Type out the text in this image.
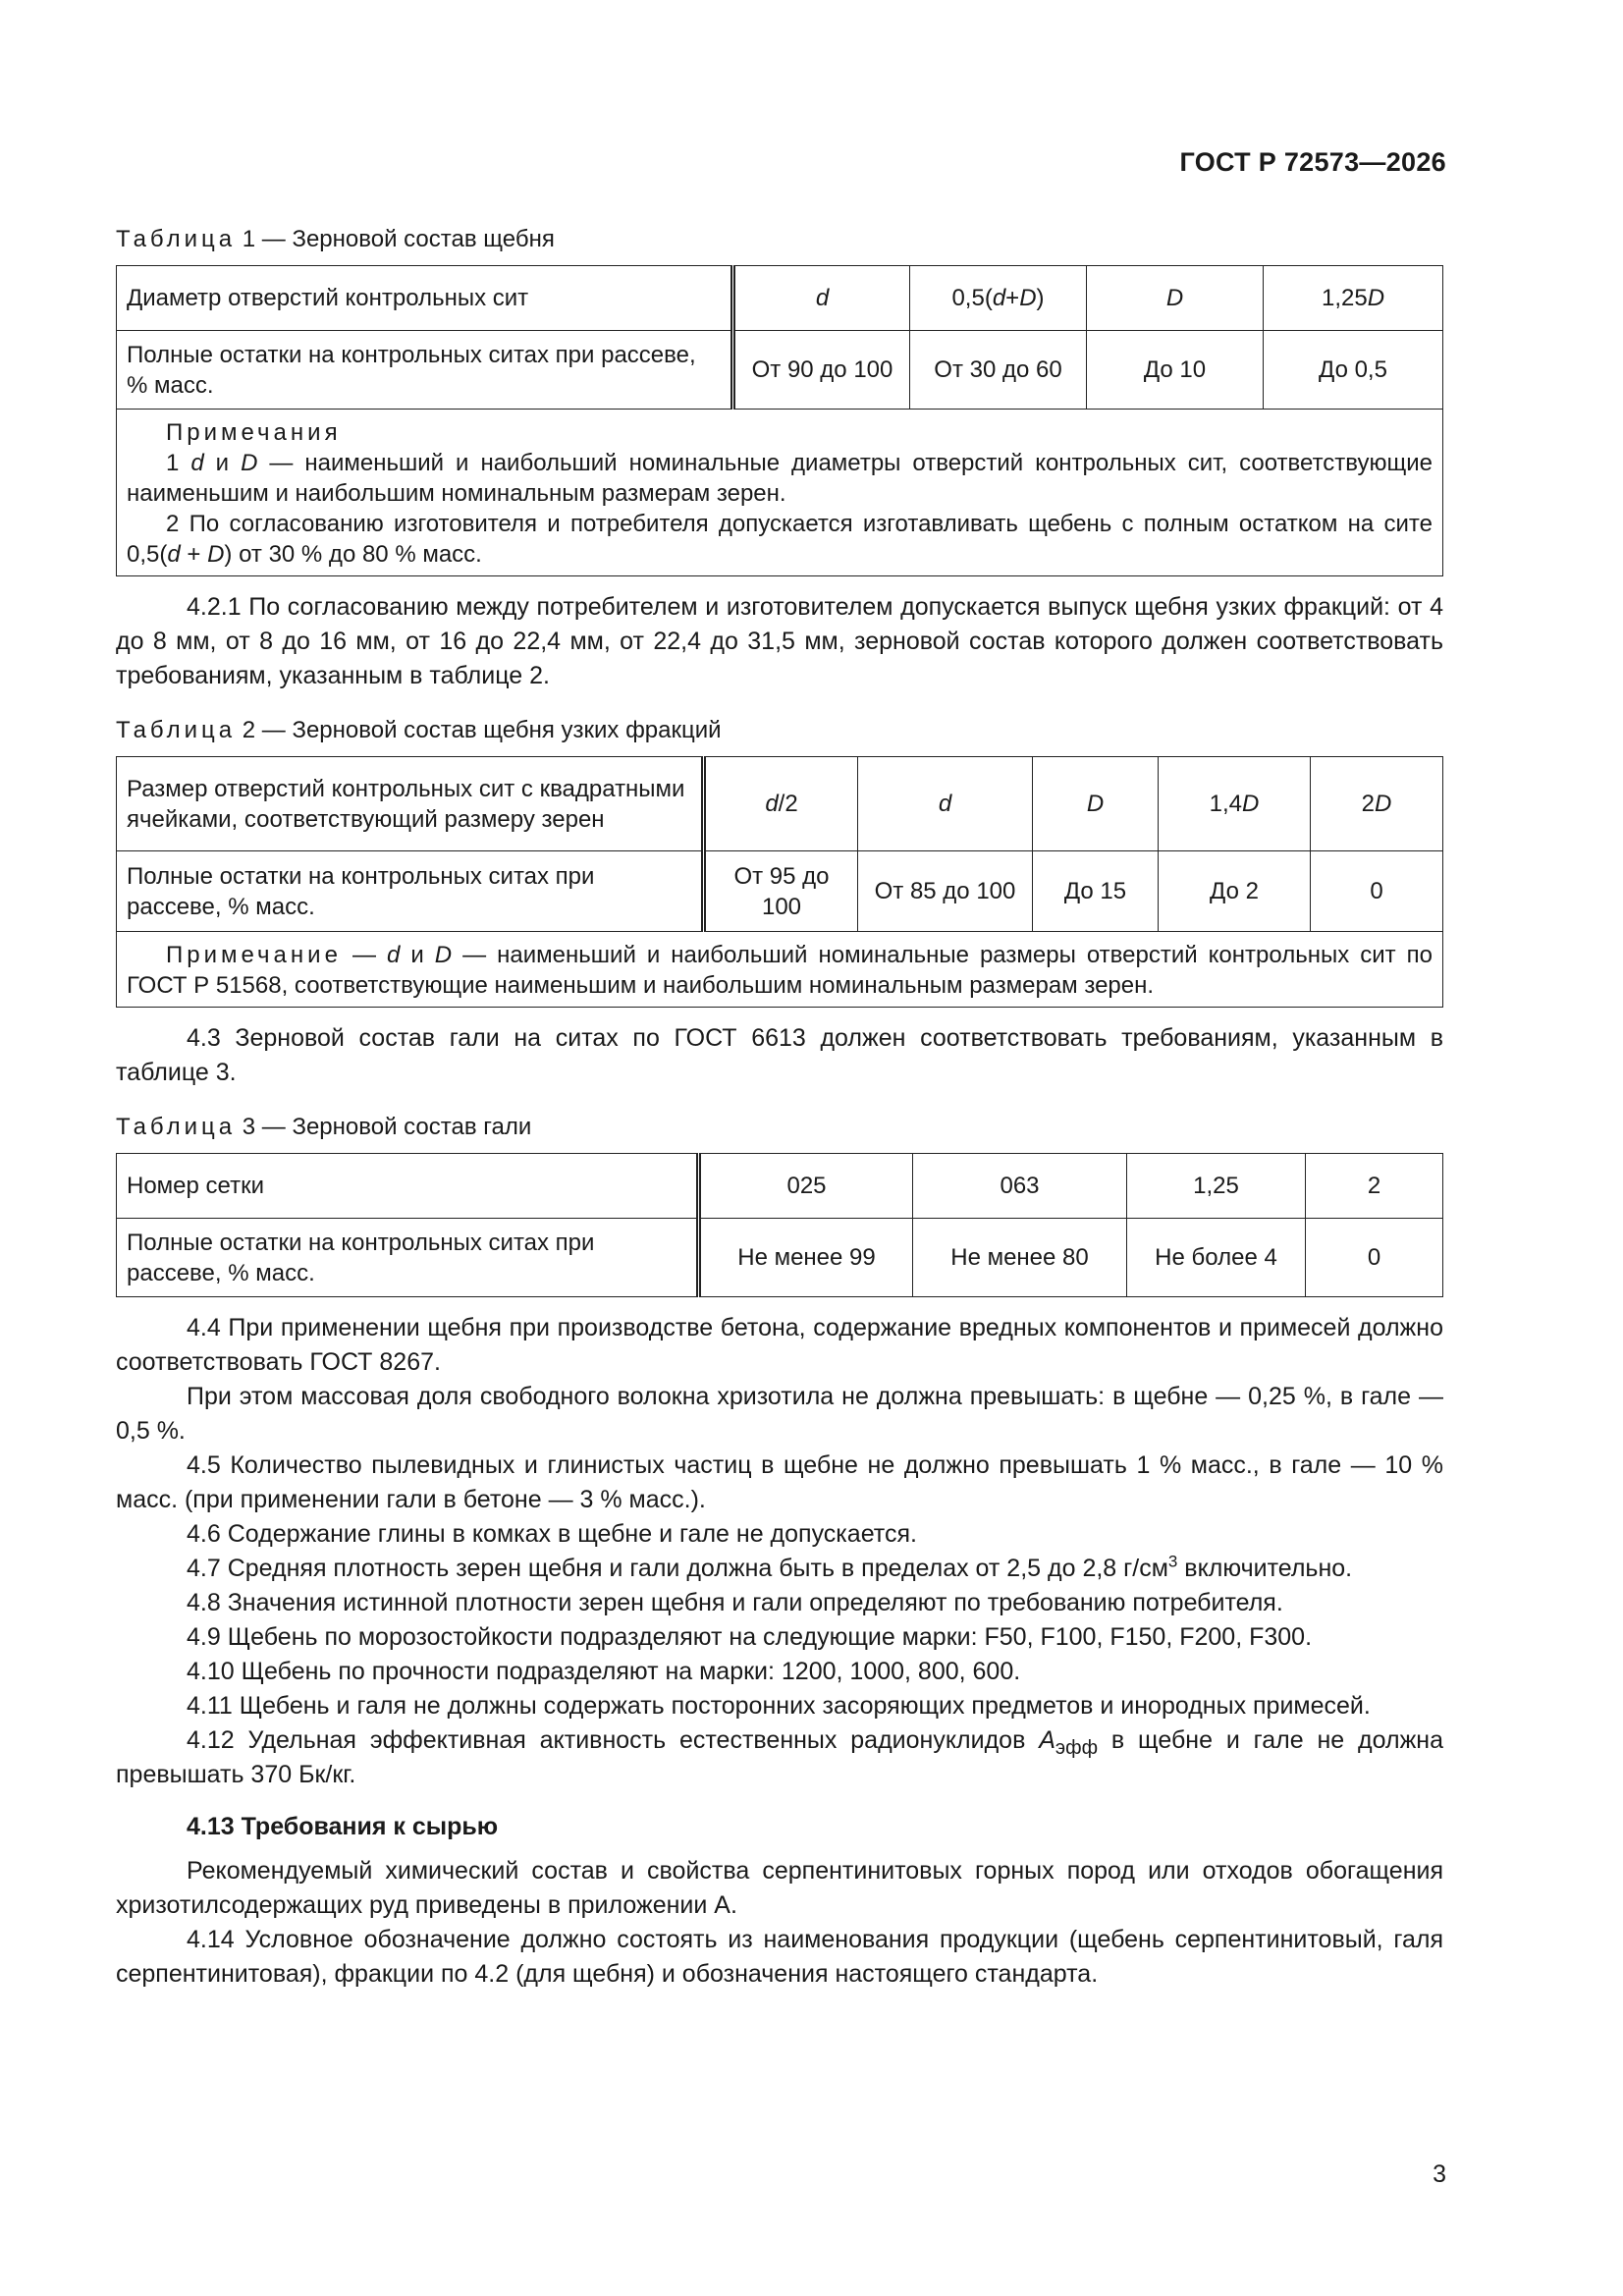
ГОСТ Р 72573—2026
Таблица 1 — Зерновой состав щебня
Диаметр отверстий контрольных сит	d	0,5(d+D)	D	1,25D
Полные остатки на контрольных ситах при рассеве, % масс.	От 90 до 100	От 30 до 60	До 10	До 0,5

Примечания

1 d и D — наименьший и наибольший номинальные диаметры отверстий контрольных сит, соответствующие наименьшим и наибольшим номинальным размерам зерен.

2 По согласованию изготовителя и потребителя допускается изготавливать щебень с полным остатком на сите 0,5(d + D) от 30 % до 80 % масс.				

4.2.1 По согласованию между потребителем и изготовителем допускается выпуск щебня узких фракций: от 4 до 8 мм, от 8 до 16 мм, от 16 до 22,4 мм, от 22,4 до 31,5 мм, зерновой состав которого должен соответствовать требованиям, указанным в таблице 2.

Таблица 2 — Зерновой состав щебня узких фракций
Размер отверстий контрольных сит с квадратными ячейками, соответствующий размеру зерен	d/2	d	D	1,4D	2D
Полные остатки на контрольных ситах при рассеве, % масс.	От 95 до 100	От 85 до 100	До 15	До 2	0

Примечание — d и D — наименьший и наибольший номинальные размеры отверстий контрольных сит по ГОСТ Р 51568, соответствующие наименьшим и наибольшим номинальным размерам зерен.					

4.3 Зерновой состав гали на ситах по ГОСТ 6613 должен соответствовать требованиям, указанным в таблице 3.

Таблица 3 — Зерновой состав гали
Номер сетки	025	063	1,25	2
Полные остатки на контрольных ситах при рассеве, % масс.	Не менее 99	Не менее 80	Не более 4	0

4.4 При применении щебня при производстве бетона, содержание вредных компонентов и примесей должно соответствовать ГОСТ 8267.

При этом массовая доля свободного волокна хризотила не должна превышать: в щебне — 0,25 %, в гале — 0,5 %.

4.5 Количество пылевидных и глинистых частиц в щебне не должно превышать 1 % масс., в гале — 10 % масс. (при применении гали в бетоне — 3 % масс.).

4.6 Содержание глины в комках в щебне и гале не допускается.

4.7 Средняя плотность зерен щебня и гали должна быть в пределах от 2,5 до 2,8 $г/см^3$ включительно.

4.8 Значения истинной плотности зерен щебня и гали определяют по требованию потребителя.

4.9 Щебень по морозостойкости подразделяют на следующие марки: F50, F100, F150, F200, F300.

4.10 Щебень по прочности подразделяют на марки: 1200, 1000, 800, 600.

4.11 Щебень и галя не должны содержать посторонних засоряющих предметов и инородных примесей.

4.12 Удельная эффективная активность естественных радионуклидов $A_{эфф}$ в щебне и гале не должна превышать 370 Бк/кг.

4.13 Требования к сырью

Рекомендуемый химический состав и свойства серпентинитовых горных пород или отходов обогащения хризотилсодержащих руд приведены в приложении А.

4.14 Условное обозначение должно состоять из наименования продукции (щебень серпентинитовый, галя серпентинитовая), фракции по 4.2 (для щебня) и обозначения настоящего стандарта.

3
